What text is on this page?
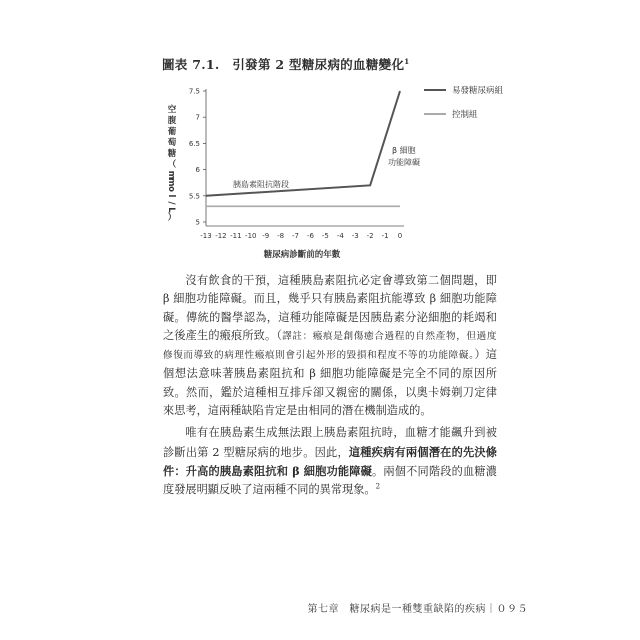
圖表 7.1.　引發第 2 型糖尿病的血糖變化$^1$
5
5.5
6
6.5
7
7.5
-13 -12 -11 -10 -9 -8 -7 -6 -5 -4 -3 -2 -1 0
空
腹
葡
萄
糖
（
m
m
o
l
/
L
）
糖尿病診斷前的年數
胰島素阻抗階段
β 細胞
功能障礙
易發糖尿病組
控制組

沒有飲食的干預，這種胰島素阻抗必定會導致第二個問題，即 β 細胞功能障礙。而且，幾乎只有胰島素阻抗能導致 β 細胞功能障礙。傳統的醫學認為，這種功能障礙是因胰島素分泌細胞的耗竭和之後產生的瘢痕所致。（譯註：瘢痕是創傷癒合過程的自然產物，但過度修復而導致的病理性瘢痕則會引起外形的毀損和程度不等的功能障礙。）這個想法意味著胰島素阻抗和 β 細胞功能障礙是完全不同的原因所致。然而，鑑於這種相互排斥卻又親密的關係，以奧卡姆剃刀定律來思考，這兩種缺陷肯定是由相同的潛在機制造成的。

唯有在胰島素生成無法跟上胰島素阻抗時，血糖才能飆升到被診斷出第 2 型糖尿病的地步。因此，這種疾病有兩個潛在的先決條件：升高的胰島素阻抗和 β 細胞功能障礙。兩個不同階段的血糖濃度發展明顯反映了這兩種不同的異常現象。$^2$

第七章　糖尿病是一種雙重缺陷的疾病｜０９５
